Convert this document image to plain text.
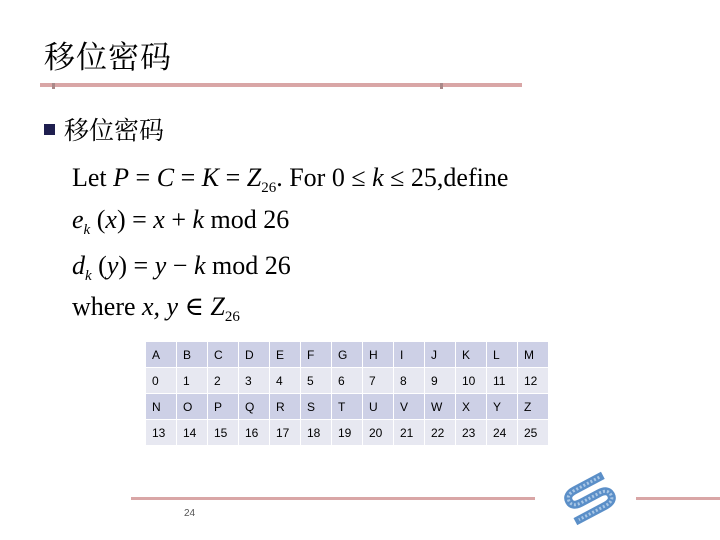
移位密码
移位密码
Let $P = C = K = Z_{26}$. For 0 ≤ k ≤ 25,define
$e_k$ (x) = x + k mod 26
$d_k$ (y) = y − k mod 26
where x, y ∈ $Z_{26}$
A	B	C	D	E	F	G	H	I	J	K	L	M
0	1	2	3	4	5	6	7	8	9	10	11	12
N	O	P	Q	R	S	T	U	V	W	X	Y	Z
13	14	15	16	17	18	19	20	21	22	23	24	25
24
